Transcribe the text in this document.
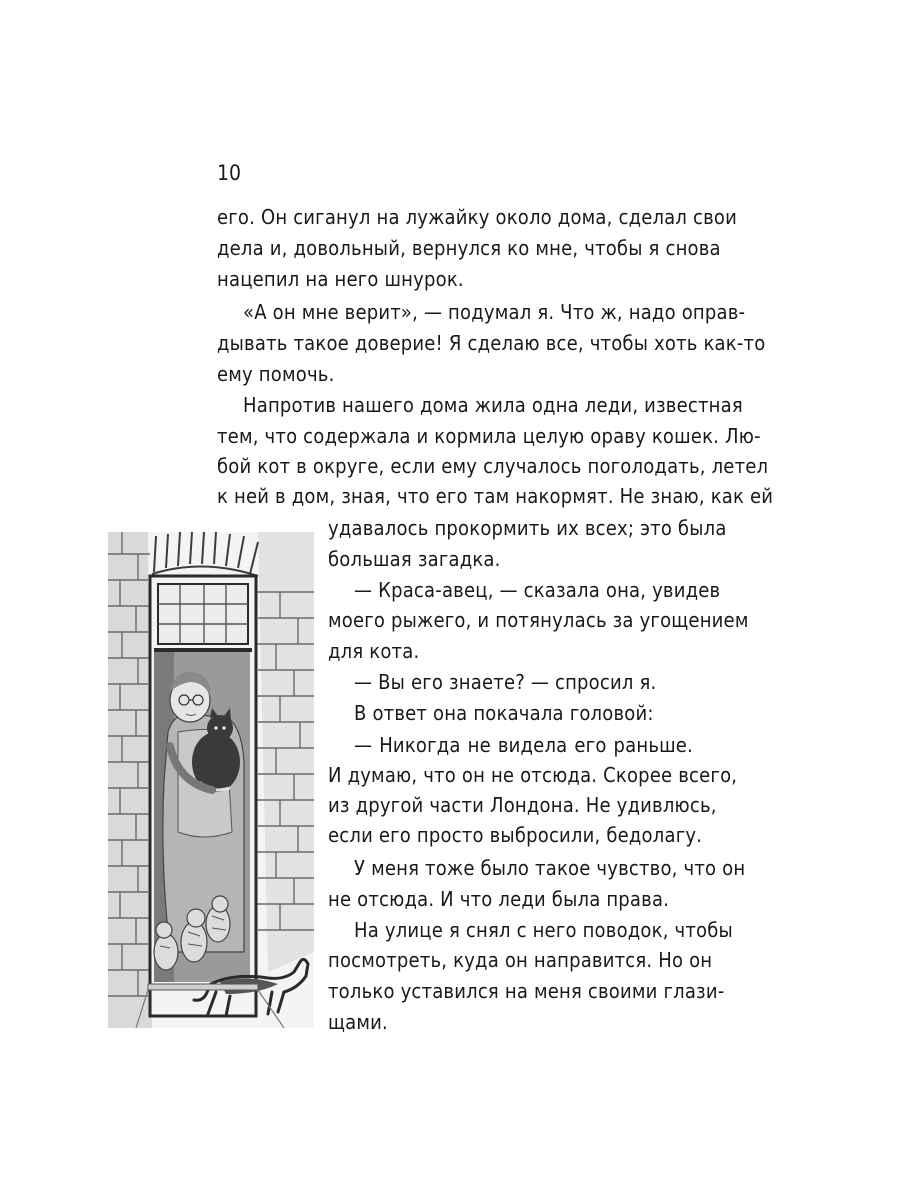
10
его. Он сиганул на лужайку около дома, сделал свои
дела и, довольный, вернулся ко мне, чтобы я снова
нацепил на него шнурок.
«А он мне верит», — подумал я. Что ж, надо оправ-
дывать такое доверие! Я сделаю все, чтобы хоть как-то
ему помочь.
Напротив нашего дома жила одна леди, известная
тем, что содержала и кормила целую ораву кошек. Лю-
бой кот в округе, если ему случалось поголодать, летел
к ней в дом, зная, что его там накормят. Не знаю, как ей
удавалось прокормить их всех; это была
большая загадка.
— Краса-авец, — сказала она, увидев
моего рыжего, и потянулась за угощением
для кота.
— Вы его знаете? — спросил я.
В ответ она покачала головой:
— Никогда не видела его раньше.
И думаю, что он не отсюда. Скорее всего,
из другой части Лондона. Не удивлюсь,
если его просто выбросили, бедолагу.
У меня тоже было такое чувство, что он
не отсюда. И что леди была права.
На улице я снял с него поводок, чтобы
посмотреть, куда он направится. Но он
только уставился на меня своими глази-
щами.
